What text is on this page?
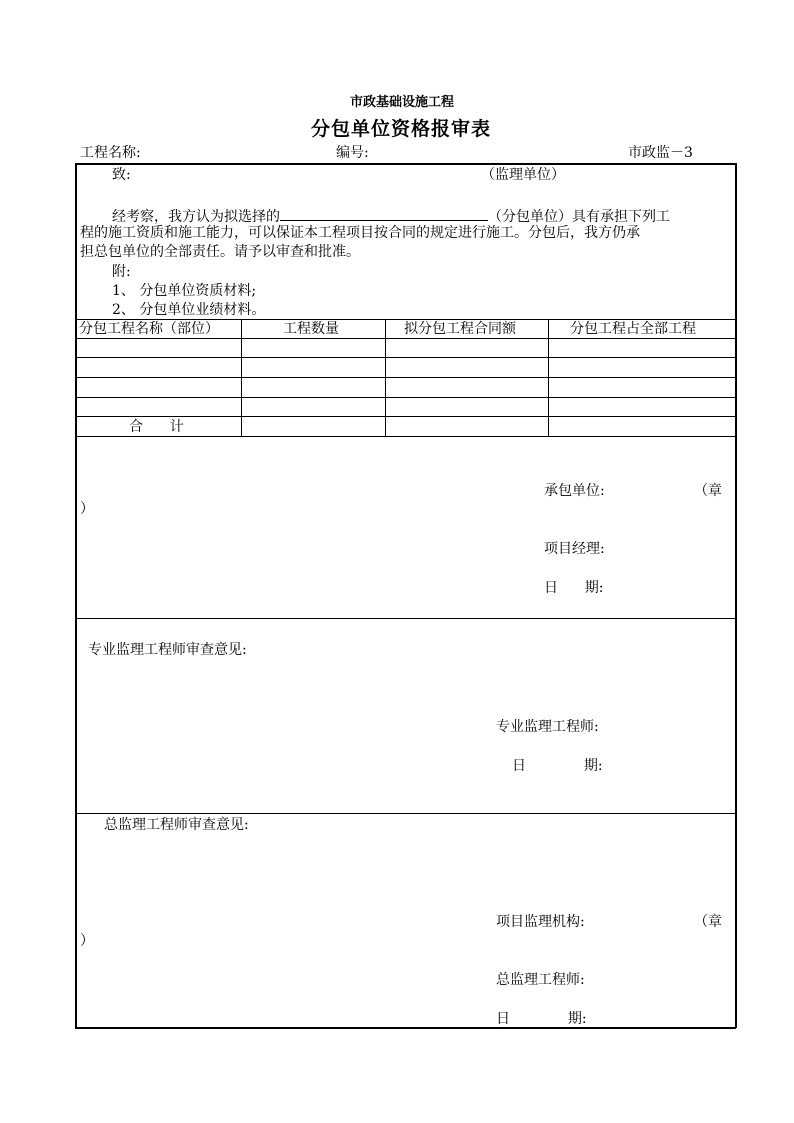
市政基础设施工程
分包单位资格报审表
工程名称:	编号:	市政监－3
致:	（监理单位）
经考察，我方认为拟选择的	（分包单位）具有承担下列工
程的施工资质和施工能力，可以保证本工程项目按合同的规定进行施工。分包后，我方仍承
担总包单位的全部责任。请予以审查和批准。
附:
1、 分包单位资质材料;
2、 分包单位业绩材料。
分包工程名称（部位）	工程数量	拟分包工程合同额	分包工程占全部工程
合      计
承包单位:	（章
）
项目经理:
日      期:
专业监理工程师审查意见:
专业监理工程师:
日             期:
总监理工程师审查意见:
项目监理机构:	（章
）
总监理工程师:
日             期:
